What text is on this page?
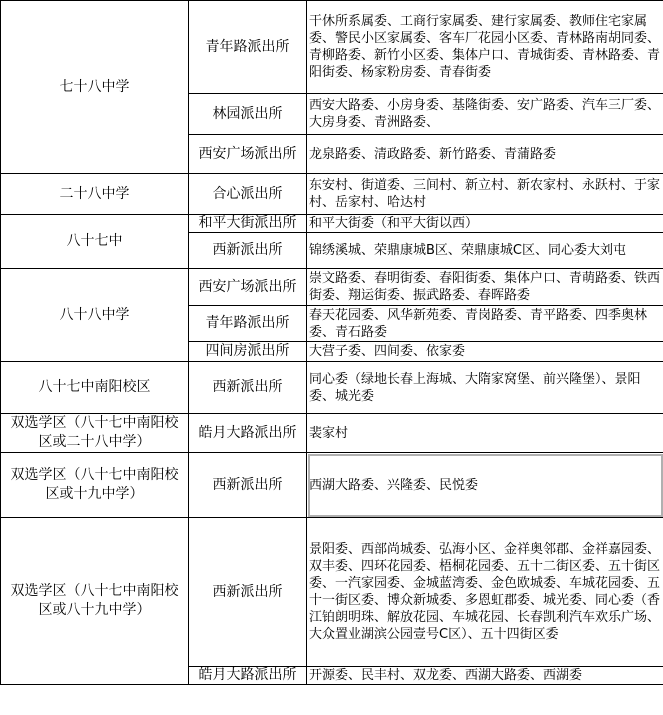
七十八中学	青年路派出所	干休所系属委、工商行家属委、建行家属委、教师住宅家属委、警民小区家属委、客车厂花园小区委、青林路南胡同委、青柳路委、新竹小区委、集体户口、青城街委、青林路委、青阳街委、杨家粉房委、青春街委
	林园派出所	西安大路委、小房身委、基隆街委、安广路委、汽车三厂委、大房身委、青洲路委、
	西安广场派出所	龙泉路委、清政路委、新竹路委、青蒲路委
二十八中学	合心派出所	东安村、街道委、三间村、新立村、新农家村、永跃村、于家村、岳家村、哈达村
八十七中	和平大街派出所	和平大街委（和平大街以西）
	西新派出所	锦绣溪城、荣鼎康城B区、荣鼎康城C区、同心委大刘屯
八十八中学	西安广场派出所	崇文路委、春明街委、春阳街委、集体户口、青萌路委、铁西街委、翔运街委、振武路委、春晖路委
	青年路派出所	春天花园委、风华新苑委、青岗路委、青平路委、四季奥林委、青石路委
	四间房派出所	大营子委、四间委、依家委
八十七中南阳校区	西新派出所	同心委（绿地长春上海城、大隋家窝堡、前兴隆堡）、景阳委、城光委
双选学区（八十七中南阳校区或二十八中学）	皓月大路派出所	裴家村
双选学区（八十七中南阳校区或十九中学）	西新派出所	西湖大路委、兴隆委、民悦委
双选学区（八十七中南阳校区或八十九中学）	西新派出所	景阳委、西部尚城委、弘海小区、金祥奥邻郡、金祥嘉园委、双丰委、四环花园委、梧桐花园委、五十二街区委、五十街区委、一汽家园委、金城蓝湾委、金色欧城委、车城花园委、五十一街区委、博众新城委、多恩虹郡委、城光委、同心委（香江铂朗明珠、解放花园、车城花园、长春凯利汽车欢乐广场、大众置业湖滨公园壹号C区）、五十四街区委
	皓月大路派出所	开源委、民丰村、双龙委、西湖大路委、西湖委
